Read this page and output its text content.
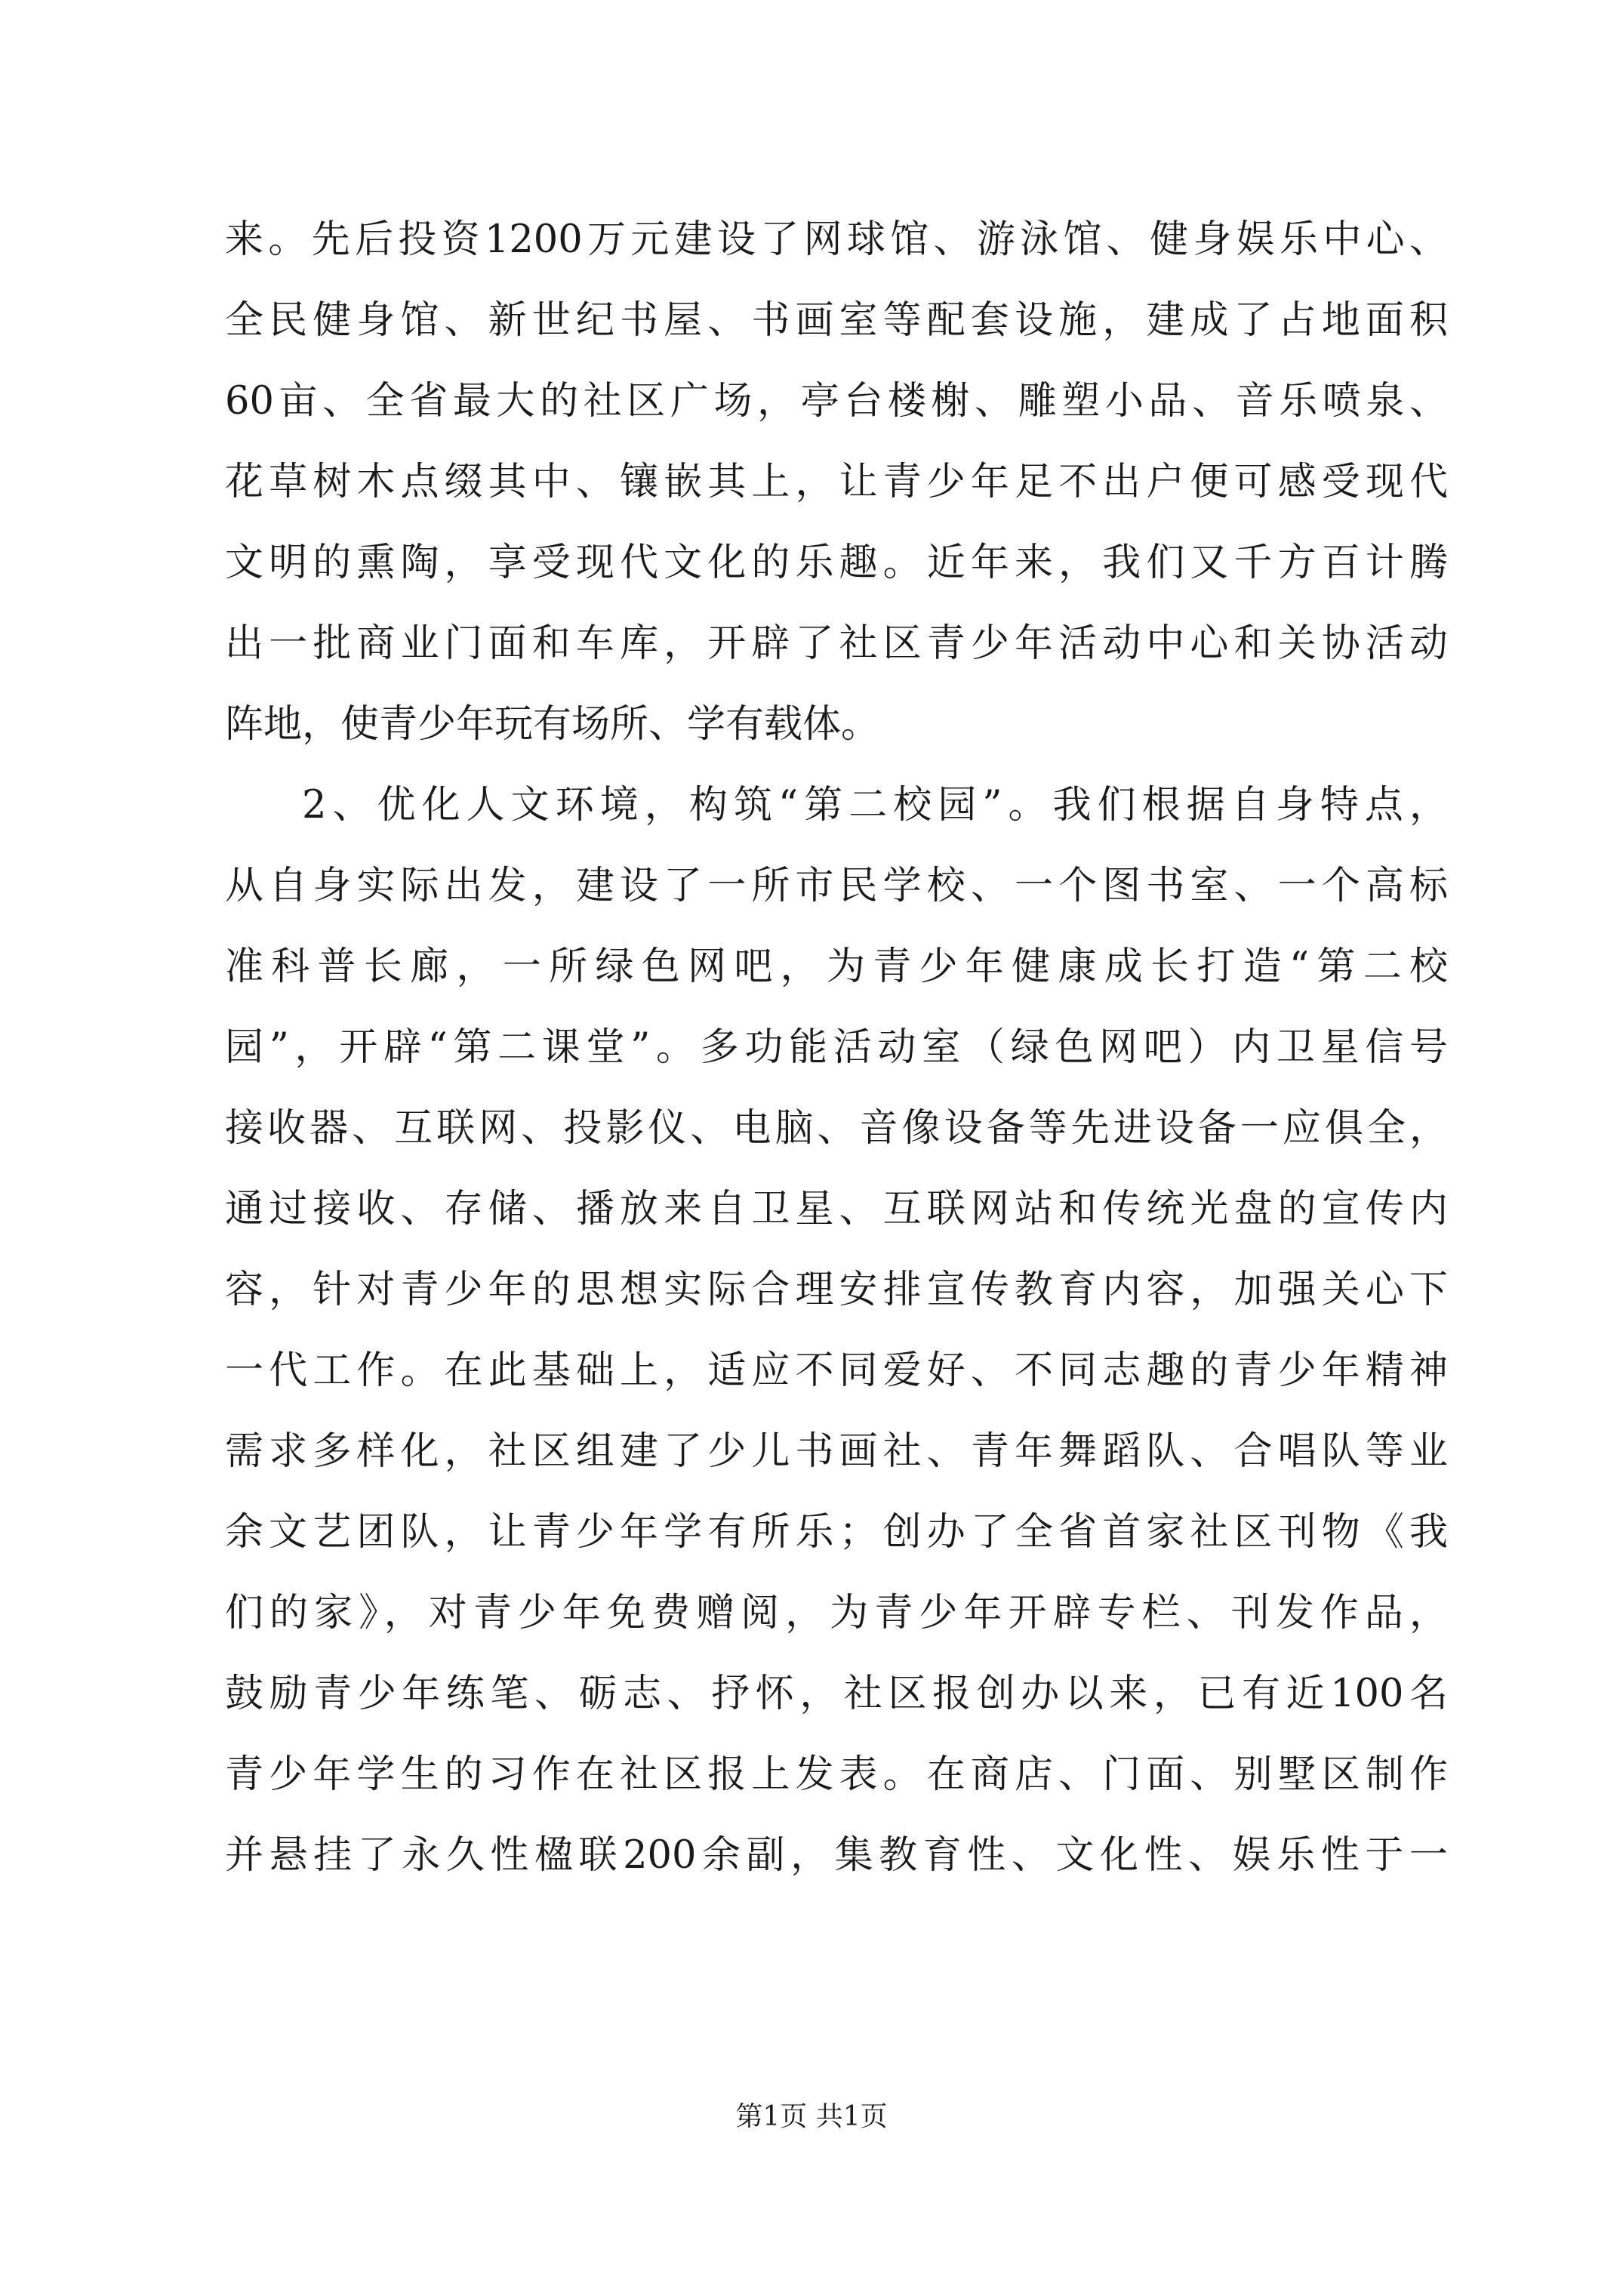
来。先后投资1200万元建设了网球馆、游泳馆、健身娱乐中心、
全民健身馆、新世纪书屋、书画室等配套设施，建成了占地面积
60亩、全省最大的社区广场，亭台楼榭、雕塑小品、音乐喷泉、
花草树木点缀其中、镶嵌其上，让青少年足不出户便可感受现代
文明的熏陶，享受现代文化的乐趣。近年来，我们又千方百计腾
出一批商业门面和车库，开辟了社区青少年活动中心和关协活动
阵地，使青少年玩有场所、学有载体。
2、优化人文环境，构筑“第二校园”。我们根据自身特点，
从自身实际出发，建设了一所市民学校、一个图书室、一个高标
准科普长廊，一所绿色网吧，为青少年健康成长打造“第二校
园”，开辟“第二课堂”。多功能活动室（绿色网吧）内卫星信号
接收器、互联网、投影仪、电脑、音像设备等先进设备一应俱全，
通过接收、存储、播放来自卫星、互联网站和传统光盘的宣传内
容，针对青少年的思想实际合理安排宣传教育内容，加强关心下
一代工作。在此基础上，适应不同爱好、不同志趣的青少年精神
需求多样化，社区组建了少儿书画社、青年舞蹈队、合唱队等业
余文艺团队，让青少年学有所乐；创办了全省首家社区刊物《我
们的家》，对青少年免费赠阅，为青少年开辟专栏、刊发作品，
鼓励青少年练笔、砺志、抒怀，社区报创办以来，已有近100名
青少年学生的习作在社区报上发表。在商店、门面、别墅区制作
并悬挂了永久性楹联200余副，集教育性、文化性、娱乐性于一
第1页 共1页
